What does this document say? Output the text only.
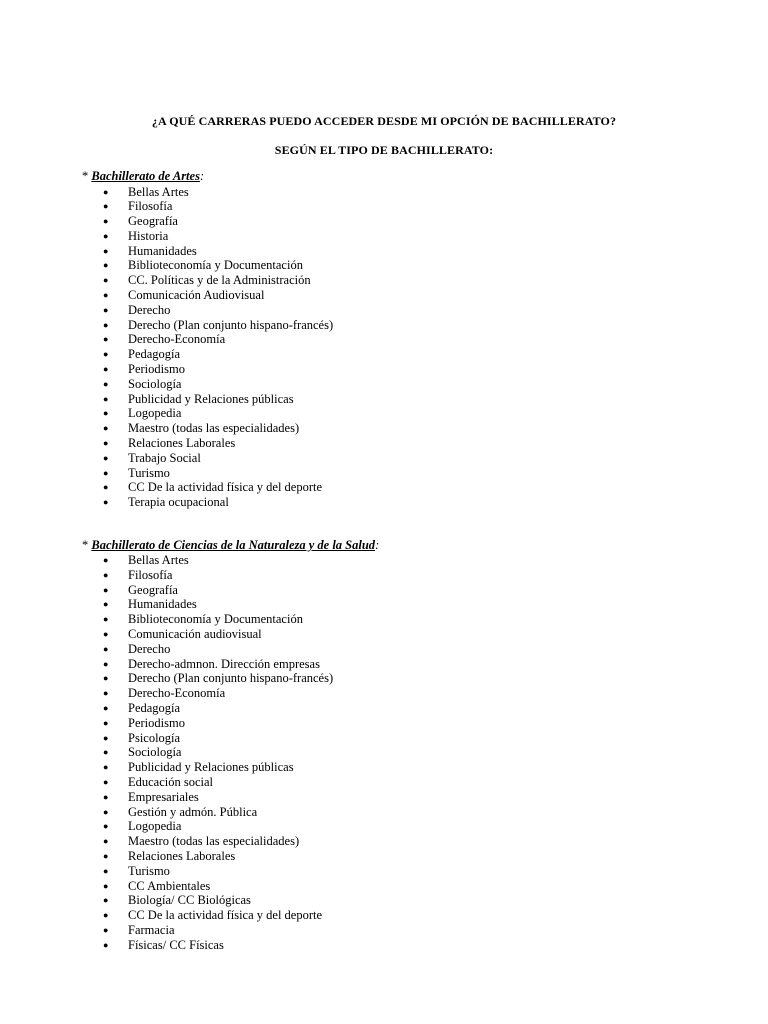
¿A QUÉ CARRERAS PUEDO ACCEDER DESDE MI OPCIÓN DE BACHILLERATO?
SEGÚN EL TIPO DE BACHILLERATO:
* Bachillerato de Artes:
● Bellas Artes
● Filosofía
● Geografía
● Historia
● Humanidades
● Biblioteconomía y Documentación
● CC. Políticas y de la Administración
● Comunicación Audiovisual
● Derecho
● Derecho (Plan conjunto hispano-francés)
● Derecho-Economía
● Pedagogía
● Periodismo
● Sociología
● Publicidad y Relaciones públicas
● Logopedia
● Maestro (todas las especialidades)
● Relaciones Laborales
● Trabajo Social
● Turismo
● CC De la actividad física y del deporte
● Terapia ocupacional
* Bachillerato de Ciencias de la Naturaleza y de la Salud:
● Bellas Artes
● Filosofía
● Geografía
● Humanidades
● Biblioteconomía y Documentación
● Comunicación audiovisual
● Derecho
● Derecho-admnon. Dirección empresas
● Derecho (Plan conjunto hispano-francés)
● Derecho-Economía
● Pedagogía
● Periodismo
● Psicología
● Sociología
● Publicidad y Relaciones públicas
● Educación social
● Empresariales
● Gestión y admón. Pública
● Logopedia
● Maestro (todas las especialidades)
● Relaciones Laborales
● Turismo
● CC Ambientales
● Biología/ CC Biológicas
● CC De la actividad física y del deporte
● Farmacia
● Físicas/ CC Físicas
